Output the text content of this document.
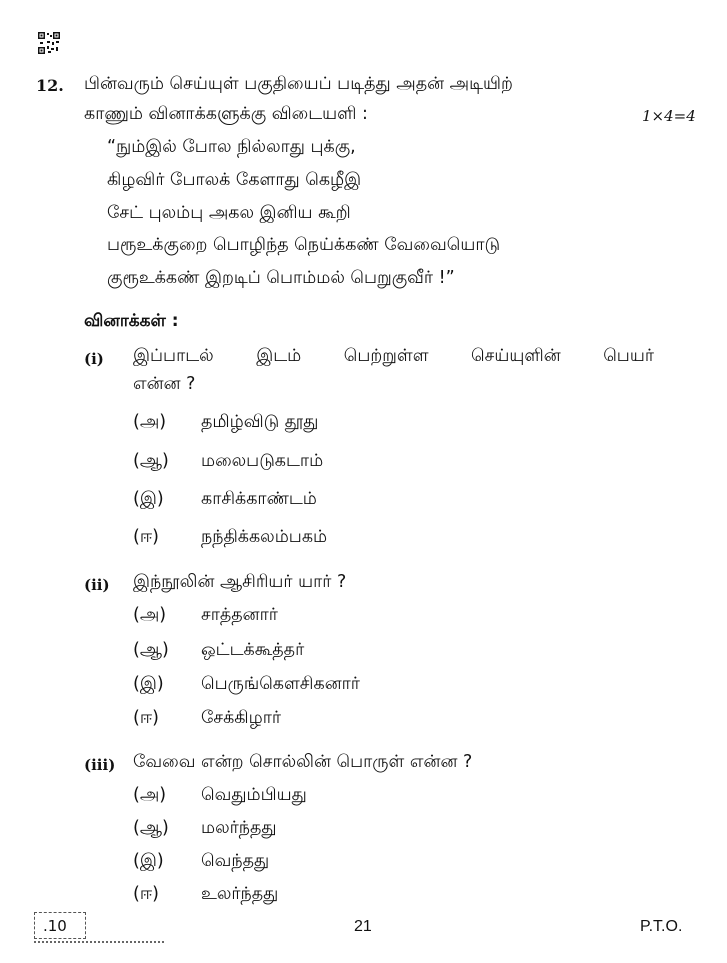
12. பின்வரும் செய்யுள் பகுதியைப் படித்து அதன் அடியிற்
காணும் வினாக்களுக்கு விடையளி :	1×4=4
“நும்இல் போல நில்லாது புக்கு,
கிழவிர் போலக் கேளாது கெழீஇ
சேட் புலம்பு அகல இனிய கூறி
பரூஉக்குறை பொழிந்த நெய்க்கண் வேவையொடு
குரூஉக்கண் இறடிப் பொம்மல் பெறுகுவீர் !”
வினாக்கள் :
(i) இப்பாடல் இடம் பெற்றுள்ள செய்யுளின் பெயர்
என்ன ?
(அ) தமிழ்விடு தூது
(ஆ) மலைபடுகடாம்
(இ) காசிக்காண்டம்
(ஈ) நந்திக்கலம்பகம்
(ii) இந்நூலின் ஆசிரியர் யார் ?
(அ) சாத்தனார்
(ஆ) ஒட்டக்கூத்தர்
(இ) பெருங்கௌசிகனார்
(ஈ) சேக்கிழார்
(iii) வேவை என்ற சொல்லின் பொருள் என்ன ?
(அ) வெதும்பியது
(ஆ) மலர்ந்தது
(இ) வெந்தது
(ஈ) உலர்ந்தது
.10	21	P.T.O.
